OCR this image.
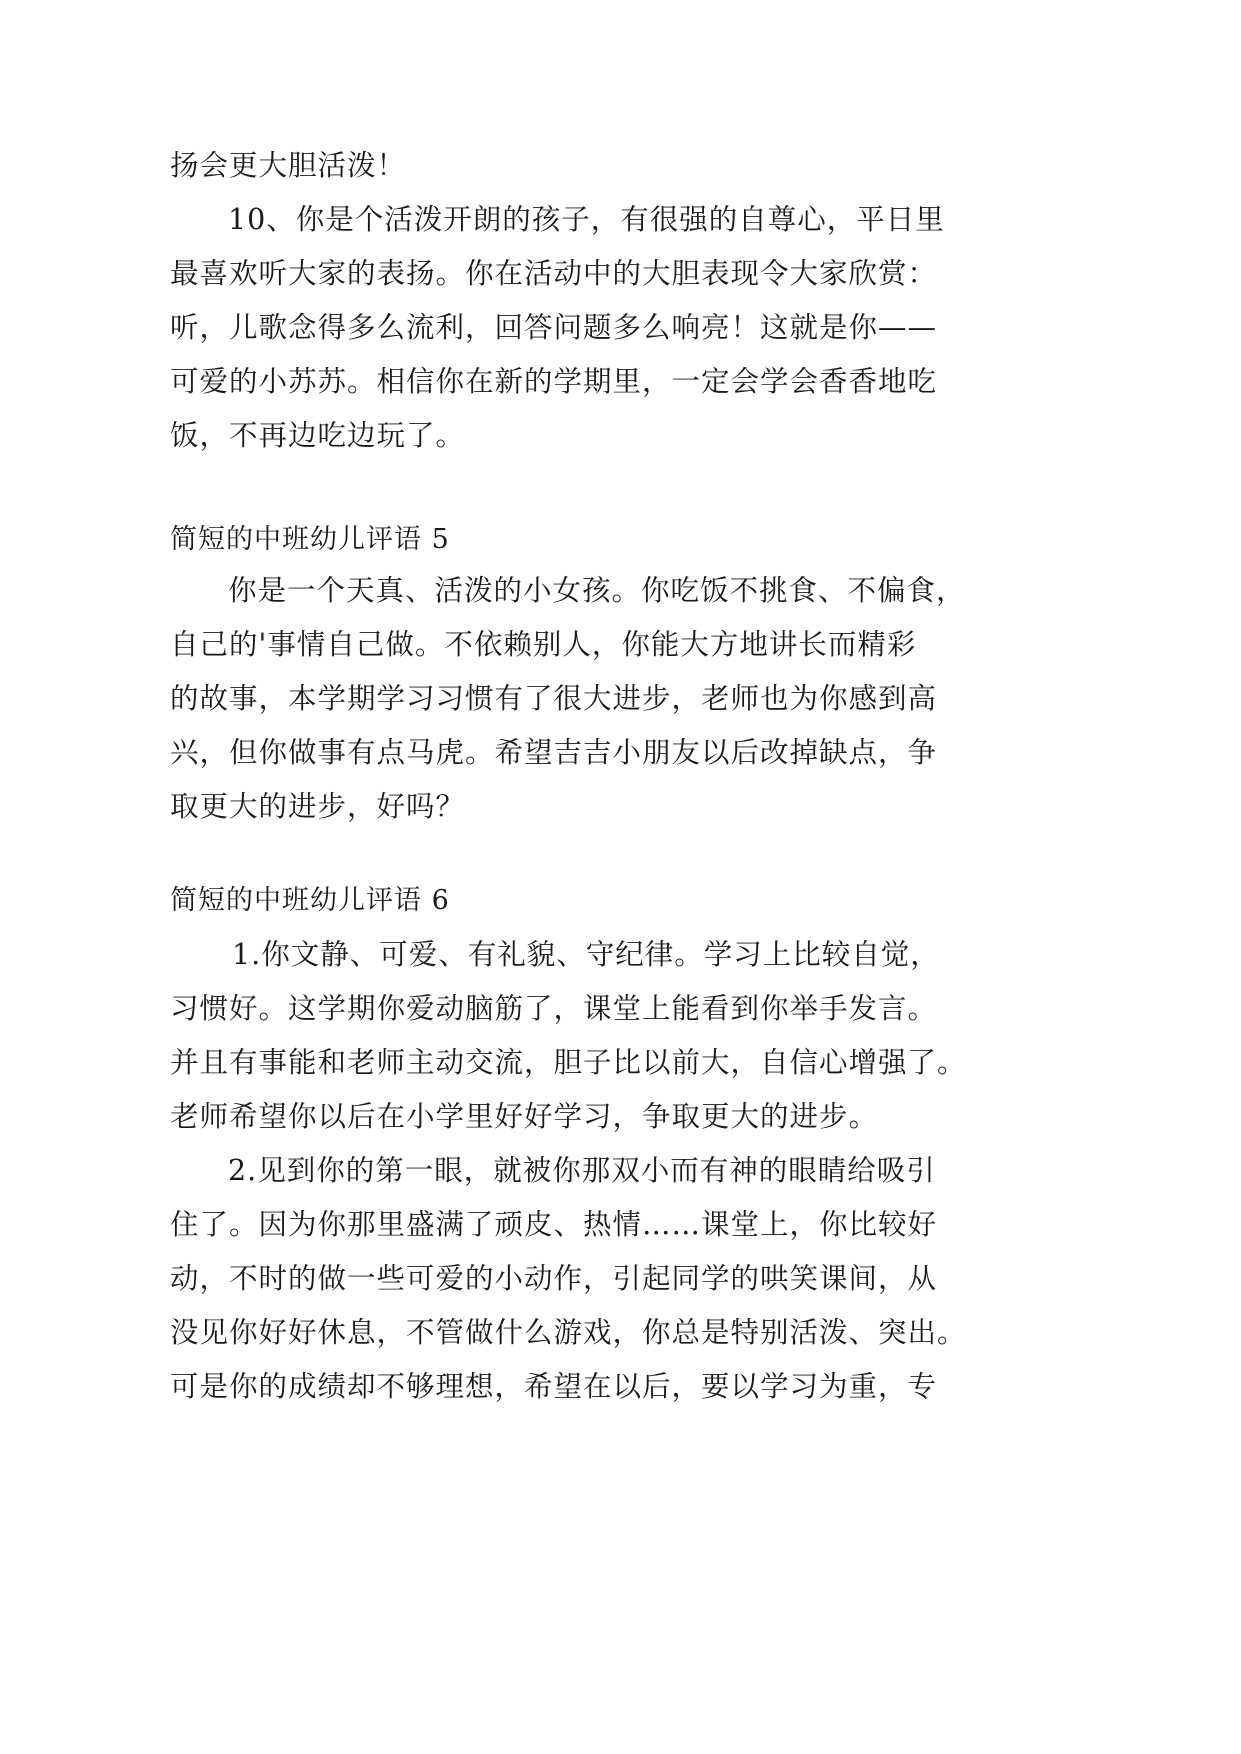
扬会更大胆活泼！
10、你是个活泼开朗的孩子，有很强的自尊心，平日里
最喜欢听大家的表扬。你在活动中的大胆表现令大家欣赏：
听，儿歌念得多么流利，回答问题多么响亮！这就是你——
可爱的小苏苏。相信你在新的学期里，一定会学会香香地吃
饭，不再边吃边玩了。
简短的中班幼儿评语 5
你是一个天真、活泼的小女孩。你吃饭不挑食、不偏食，
自己的'事情自己做。不依赖别人，你能大方地讲长而精彩
的故事，本学期学习习惯有了很大进步，老师也为你感到高
兴，但你做事有点马虎。希望吉吉小朋友以后改掉缺点，争
取更大的进步，好吗？
简短的中班幼儿评语 6
1.你文静、可爱、有礼貌、守纪律。学习上比较自觉，
习惯好。这学期你爱动脑筋了，课堂上能看到你举手发言。
并且有事能和老师主动交流，胆子比以前大，自信心增强了。
老师希望你以后在小学里好好学习，争取更大的进步。
2.见到你的第一眼，就被你那双小而有神的眼睛给吸引
住了。因为你那里盛满了顽皮、热情……课堂上，你比较好
动，不时的做一些可爱的小动作，引起同学的哄笑课间，从
没见你好好休息，不管做什么游戏，你总是特别活泼、突出。
可是你的成绩却不够理想，希望在以后，要以学习为重，专
